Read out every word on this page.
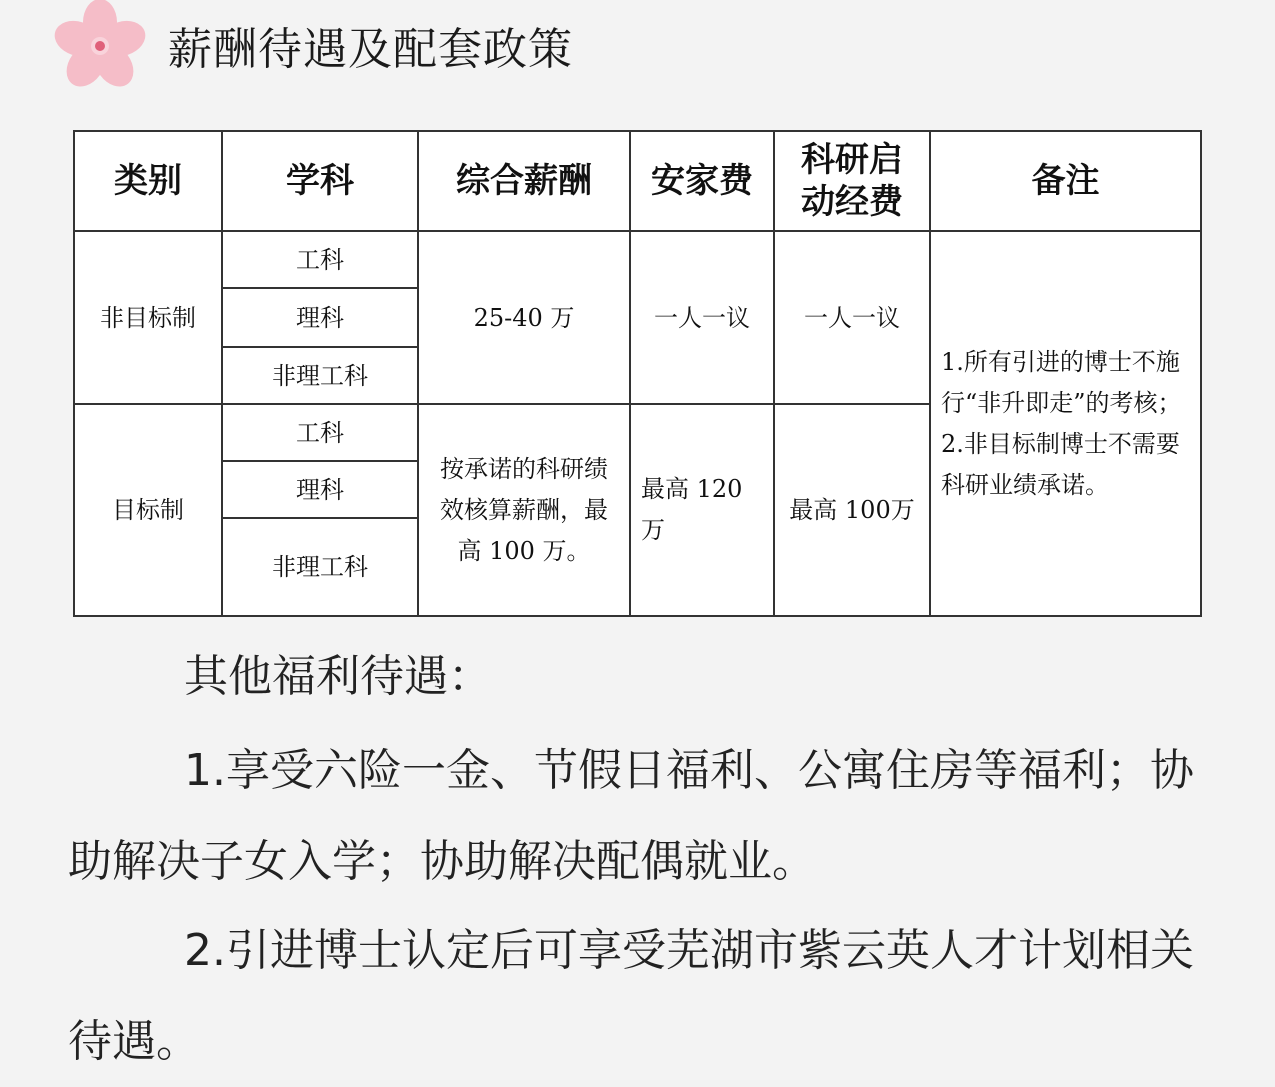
薪酬待遇及配套政策
类别	学科	综合薪酬	安家费	科研启动经费	备注
非目标制	工科	25-40 万	一人一议	一人一议	1.所有引进的博士不施行“非升即走”的考核；2.非目标制博士不需要科研业绩承诺。
	理科				
	非理工科				
目标制	工科	按承诺的科研绩效核算薪酬，最高 100 万。	最高 120 万	最高 100万	
	理科				
	非理工科				
其他福利待遇：

1.享受六险一金、节假日福利、公寓住房等福利；协助解决子女入学；协助解决配偶就业。

2.引进博士认定后可享受芜湖市紫云英人才计划相关待遇。
